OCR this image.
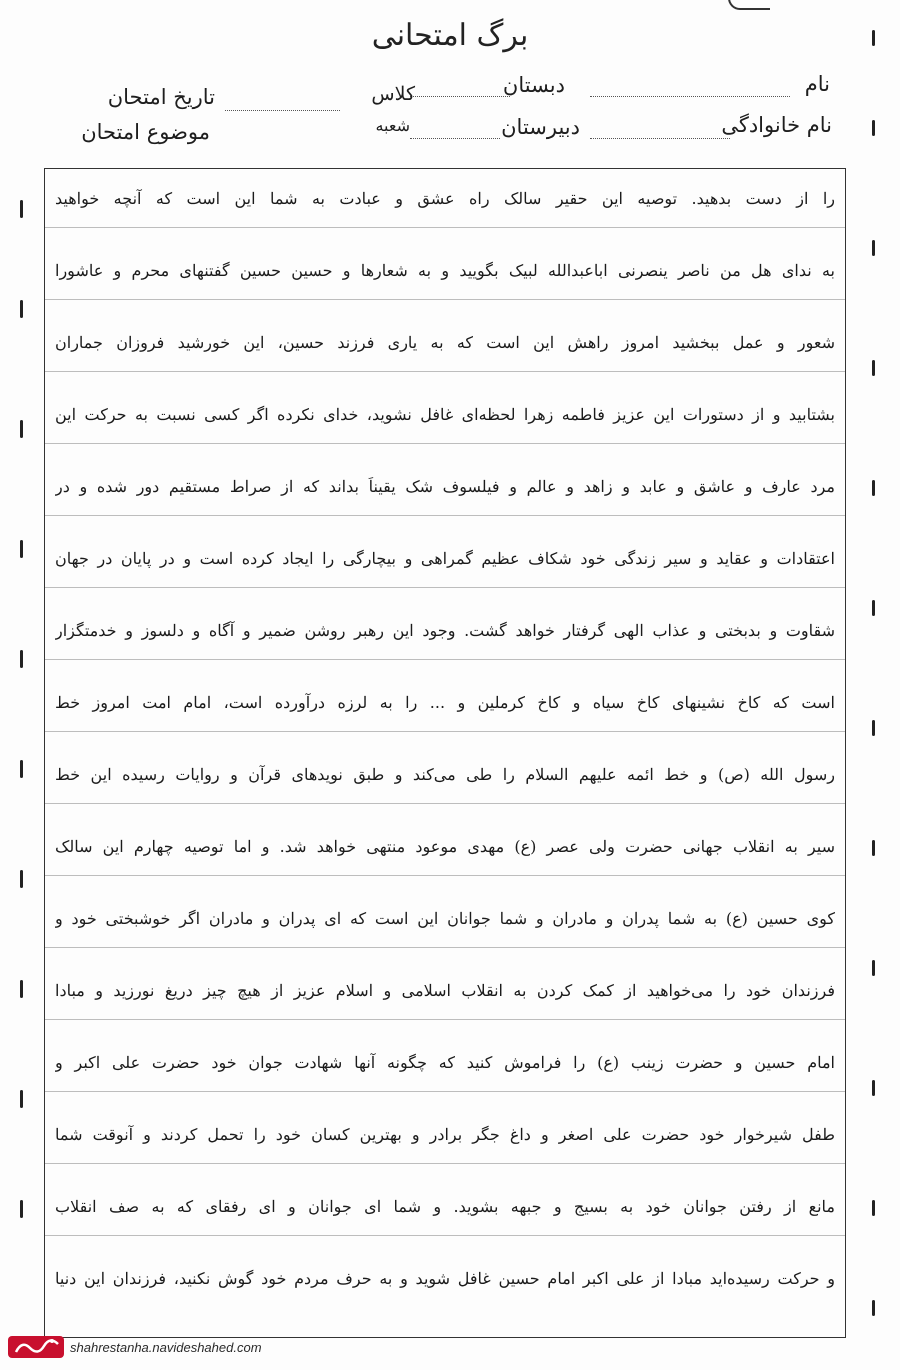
برگ امتحانی
نام
نام خانوادگی
دبستان
دبیرستان
کلاس
شعبه
تاریخ امتحان
موضوع امتحان
را از دست بدهید. توصیه این حقیر سالک راه عشق و عبادت به شما این است که آنچه خواهید
به ندای هل من ناصر ینصرنی اباعبدالله لبیک بگویید و به شعارها و حسین حسین گفتنهای محرم و عاشورا
شعور و عمل ببخشید امروز راهش این است که به یاری فرزند حسین، این خورشید فروزان جماران
بشتابید و از دستورات این عزیز فاطمه زهرا لحظه‌ای غافل نشوید، خدای نکرده اگر کسی نسبت به حرکت این
مرد عارف و عاشق و عابد و زاهد و عالم و فیلسوف شک یقیناً بداند که از صراط مستقیم دور شده و در
اعتقادات و عقاید و سیر زندگی خود شکاف عظیم گمراهی و بیچارگی را ایجاد کرده است و در پایان در جهان
شقاوت و بدبختی و عذاب الهی گرفتار خواهد گشت. وجود این رهبر روشن ضمیر و آگاه و دلسوز و خدمتگزار
است که کاخ نشینهای کاخ سیاه و کاخ کرملین و ... را به لرزه درآورده است، امام امت امروز خط
رسول الله (ص) و خط ائمه علیهم السلام را طی می‌کند و طبق نویدهای قرآن و روایات رسیده این خط
سیر به انقلاب جهانی حضرت ولی عصر (ع) مهدی موعود منتهی خواهد شد. و اما توصیه چهارم این سالک
کوی حسین (ع) به شما پدران و مادران و شما جوانان این است که ای پدران و مادران اگر خوشبختی خود و
فرزندان خود را می‌خواهید از کمک کردن به انقلاب اسلامی و اسلام عزیز از هیچ چیز دریغ نورزید و مبادا
امام حسین و حضرت زینب (ع) را فراموش کنید که چگونه آنها شهادت جوان خود حضرت علی اکبر و
طفل شیرخوار خود حضرت علی اصغر و داغ جگر برادر و بهترین کسان خود را تحمل کردند و آنوقت شما
مانع از رفتن جوانان خود به بسیج و جبهه بشوید. و شما ای جوانان و ای رفقای که به صف انقلاب
و حرکت رسیده‌اید مبادا از علی اکبر امام حسین غافل شوید و به حرف مردم خود گوش نکنید، فرزندان این دنیا
shahrestanha.navideshahed.com
